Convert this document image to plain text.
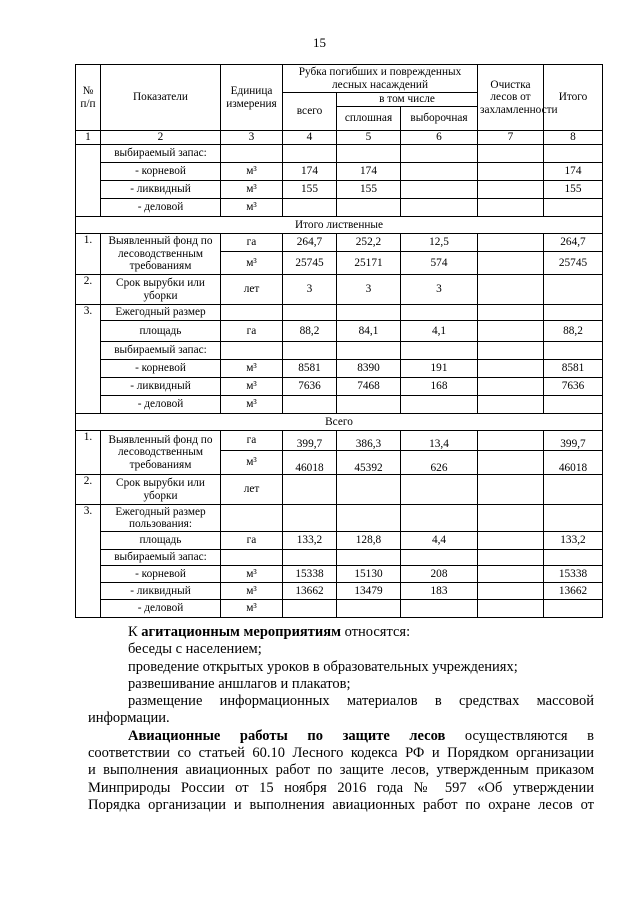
15
№ п/п	Показатели	Единица измерения	Рубка погибших и поврежденных лесных насаждений			Очистка лесов от захламленности	Итого
			всего	в том числе			
				сплошная	выборочная		
1	2	3	4	5	6	7	8
	выбираемый запас:						
	- корневой	м³	174	174			174
	- ликвидный	м³	155	155			155
	- деловой	м³					
Итого лиственные							
1.	Выявленный фонд по лесоводственным требованиям	га	264,7	252,2	12,5		264,7
		м³	25745	25171	574		25745
2.	Срок вырубки или уборки	лет	3	3	3		
3.	Ежегодный размер						
	площадь	га	88,2	84,1	4,1		88,2
	выбираемый запас:						
	- корневой	м³	8581	8390	191		8581
	- ликвидный	м³	7636	7468	168		7636
	- деловой	м³					
Всего							
1.	Выявленный фонд по лесоводственным требованиям	га	399,7	386,3	13,4		399,7
		м³	46018	45392	626		46018
2.	Срок вырубки или уборки	лет					
3.	Ежегодный размер пользования:						
	площадь	га	133,2	128,8	4,4		133,2
	выбираемый запас:						
	- корневой	м³	15338	15130	208		15338
	- ликвидный	м³	13662	13479	183		13662
	- деловой	м³					

К агитационным мероприятиям относятся:

беседы с населением;

проведение открытых уроков в образовательных учреждениях;

развешивание аншлагов и плакатов;

размещение информационных материалов в средствах массовой

информации.

Авиационные работы по защите лесов осуществляются в

соответствии со статьей 60.10 Лесного кодекса РФ и Порядком организации

и выполнения авиационных работ по защите лесов, утвержденным приказом

Минприроды России от 15 ноября 2016 года № 597 «Об утверждении

Порядка организации и выполнения авиационных работ по охране лесов от
